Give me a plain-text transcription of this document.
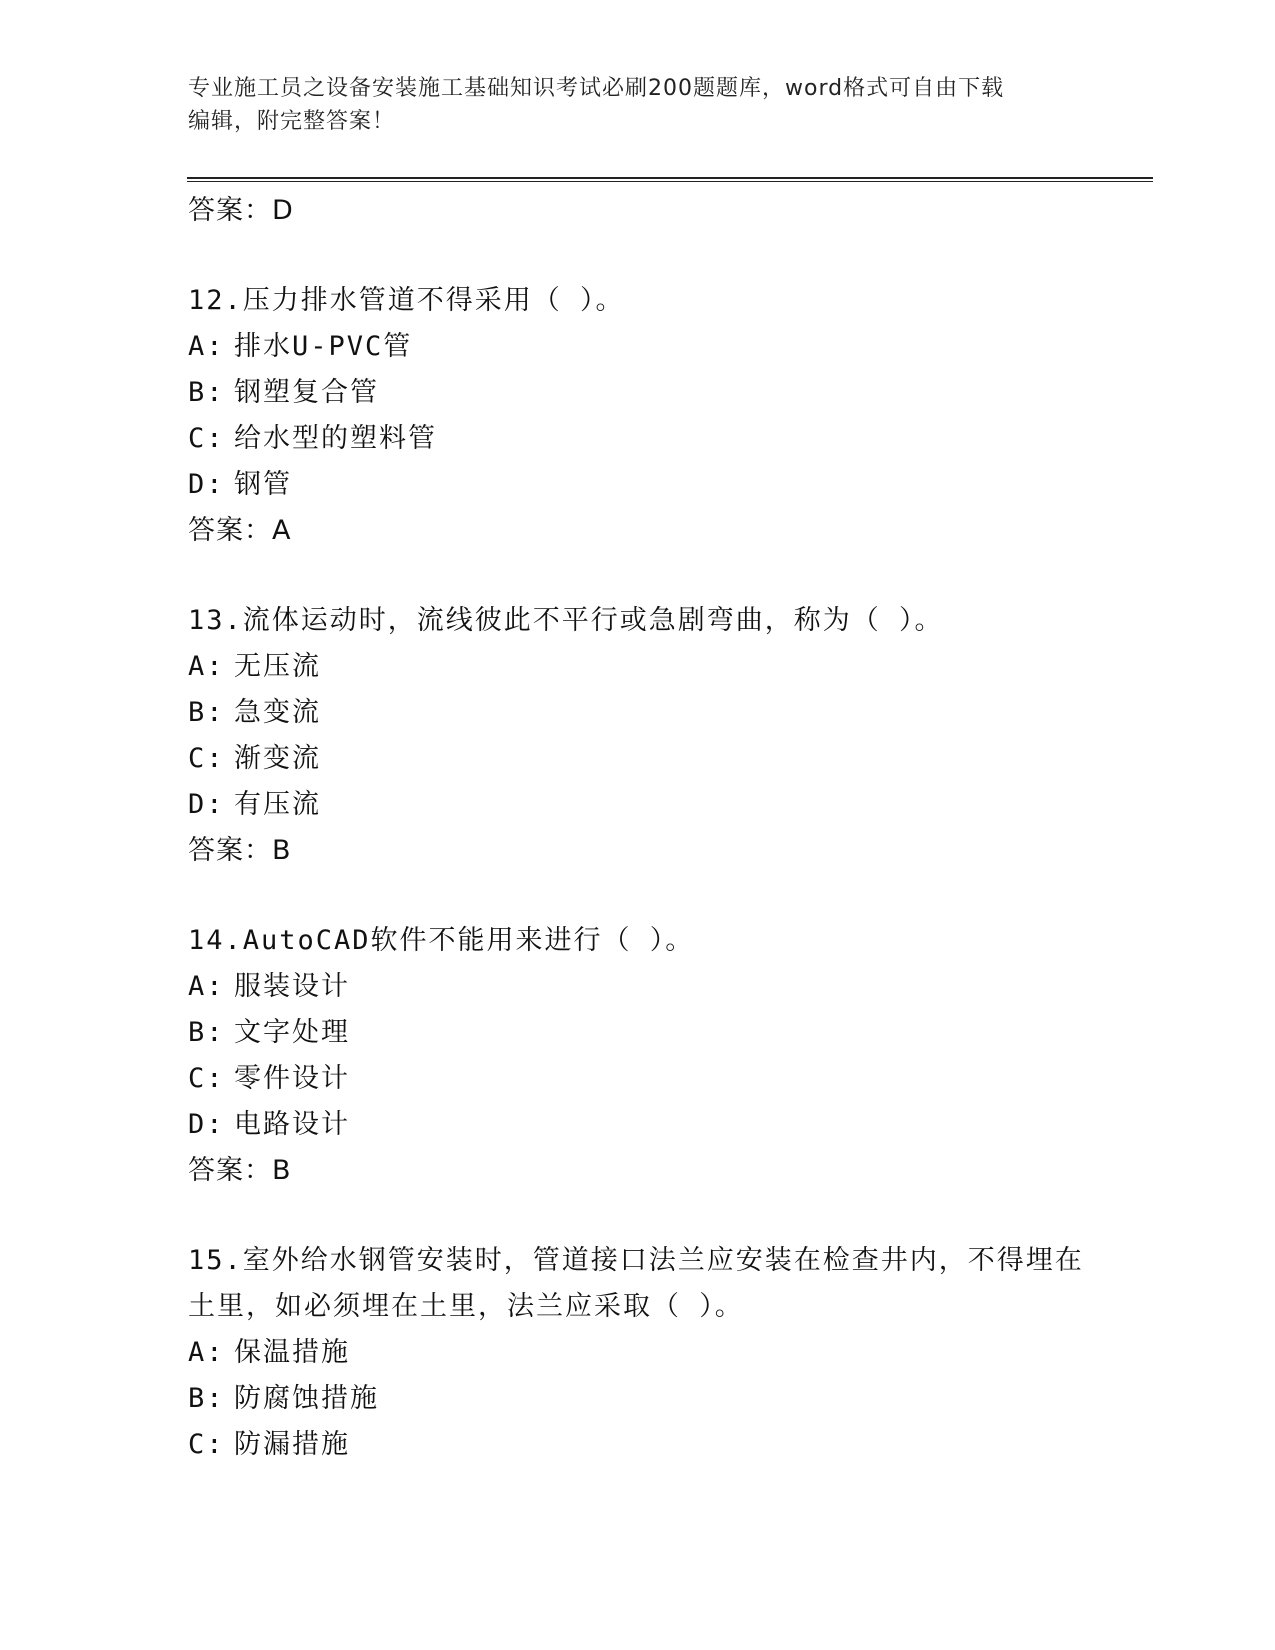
专业施工员之设备安装施工基础知识考试必刷200题题库，word格式可自由下载
编辑，附完整答案！
答案：D
12.压力排水管道不得采用（ ）。
A: 排水U-PVC管
B: 钢塑复合管
C: 给水型的塑料管
D: 钢管
答案：A
13.流体运动时，流线彼此不平行或急剧弯曲，称为（ ）。
A: 无压流
B: 急变流
C: 渐变流
D: 有压流
答案：B
14.AutoCAD软件不能用来进行（ ）。
A: 服装设计
B: 文字处理
C: 零件设计
D: 电路设计
答案：B
15.室外给水钢管安装时，管道接口法兰应安装在检查井内，不得埋在
土里，如必须埋在土里，法兰应采取（ ）。
A: 保温措施
B: 防腐蚀措施
C: 防漏措施
